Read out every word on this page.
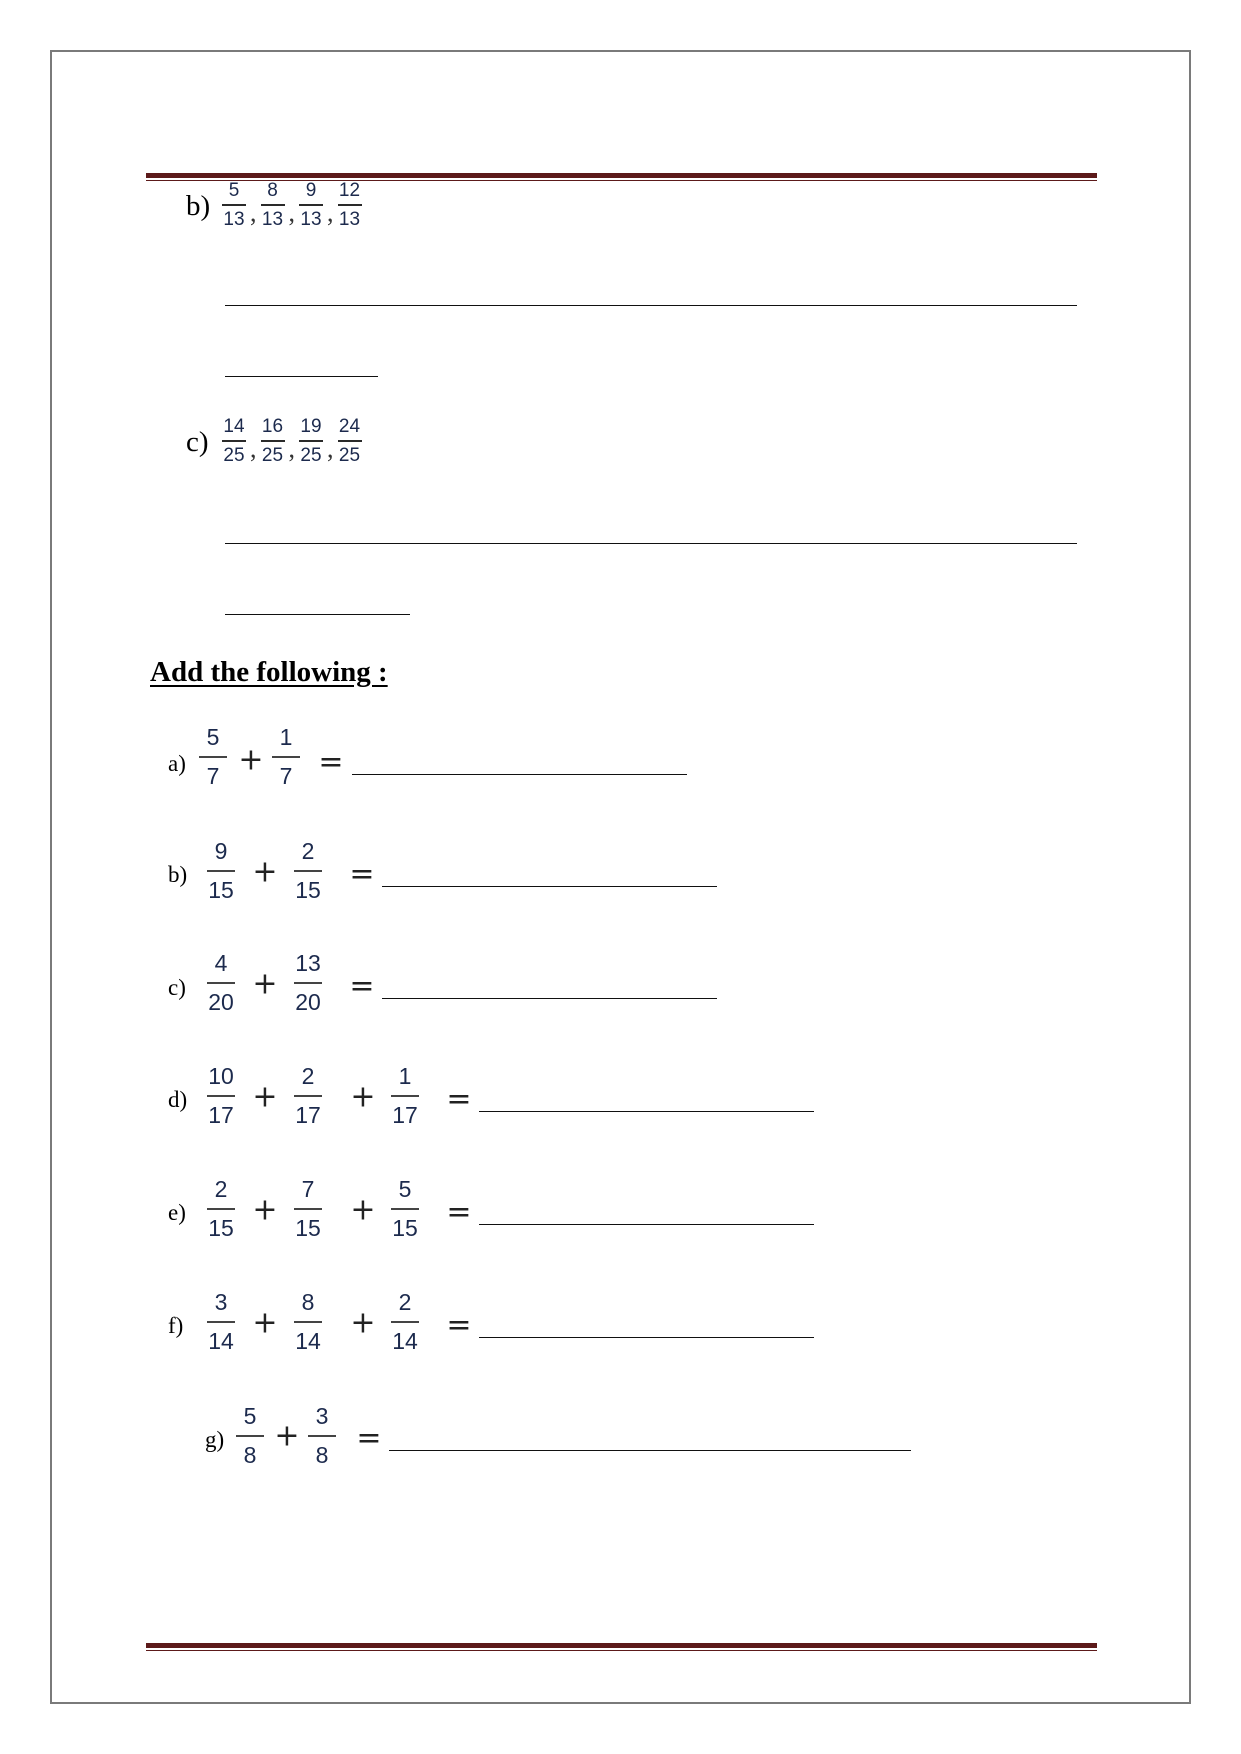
$b) \frac{5}{13}$ , $\frac{8}{13}$ , $\frac{9}{13}$ , $\frac{12}{13}$
$c) \frac{14}{25}$ , $\frac{16}{25}$ , $\frac{19}{25}$ , $\frac{24}{25}$
Add the following :
a)
5
7 +
1
7 =
b)
9
15
+
2
15 =
c)
4
20
+
13
20 =
d)
10
17
+
2
17
+
1
17 =
e)
2
15
+
7
15
+
5
15 =
f)
3
14
+
8
14
+
2
14 =
g)
5
8
+
3
8 =
